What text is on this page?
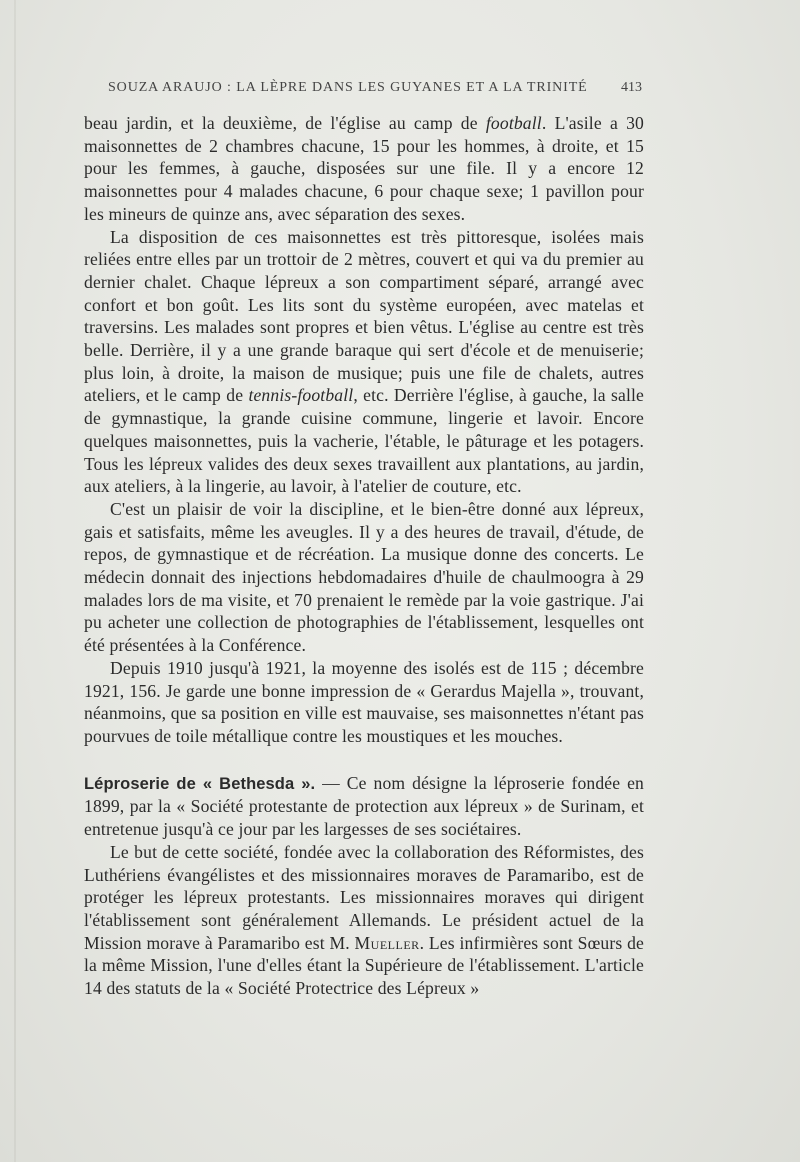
SOUZA ARAUJO : LA LÈPRE DANS LES GUYANES ET A LA TRINITÉ 413

beau jardin, et la deuxième, de l'église au camp de football. L'asile a 30 maisonnettes de 2 chambres chacune, 15 pour les hommes, à droite, et 15 pour les femmes, à gauche, disposées sur une file. Il y a encore 12 maisonnettes pour 4 malades chacune, 6 pour chaque sexe; 1 pavillon pour les mineurs de quinze ans, avec séparation des sexes.

La disposition de ces maisonnettes est très pittoresque, isolées mais reliées entre elles par un trottoir de 2 mètres, couvert et qui va du premier au dernier chalet. Chaque lépreux a son compartiment séparé, arrangé avec confort et bon goût. Les lits sont du système européen, avec matelas et traversins. Les malades sont propres et bien vêtus. L'église au centre est très belle. Derrière, il y a une grande baraque qui sert d'école et de menuiserie; plus loin, à droite, la maison de musique; puis une file de chalets, autres ateliers, et le camp de tennis-football, etc. Derrière l'église, à gauche, la salle de gymnastique, la grande cuisine commune, lingerie et lavoir. Encore quelques maisonnettes, puis la vacherie, l'étable, le pâturage et les potagers. Tous les lépreux valides des deux sexes travaillent aux plantations, au jardin, aux ateliers, à la lingerie, au lavoir, à l'atelier de couture, etc.

C'est un plaisir de voir la discipline, et le bien-être donné aux lépreux, gais et satisfaits, même les aveugles. Il y a des heures de travail, d'étude, de repos, de gymnastique et de récréation. La musique donne des concerts. Le médecin donnait des injections hebdomadaires d'huile de chaulmoogra à 29 malades lors de ma visite, et 70 prenaient le remède par la voie gastrique. J'ai pu acheter une collection de photographies de l'établissement, lesquelles ont été présentées à la Conférence.

Depuis 1910 jusqu'à 1921, la moyenne des isolés est de 115 ; décembre 1921, 156. Je garde une bonne impression de « Gerardus Majella », trouvant, néanmoins, que sa position en ville est mauvaise, ses maisonnettes n'étant pas pourvues de toile métallique contre les moustiques et les mouches.

Léproserie de « Bethesda ». — Ce nom désigne la léproserie fondée en 1899, par la « Société protestante de protection aux lépreux » de Surinam, et entretenue jusqu'à ce jour par les largesses de ses sociétaires.

Le but de cette société, fondée avec la collaboration des Réformistes, des Luthériens évangélistes et des missionnaires moraves de Paramaribo, est de protéger les lépreux protestants. Les missionnaires moraves qui dirigent l'établissement sont généralement Allemands. Le président actuel de la Mission morave à Paramaribo est M. Mueller. Les infirmières sont Sœurs de la même Mission, l'une d'elles étant la Supérieure de l'établissement. L'article 14 des statuts de la « Société Protectrice des Lépreux »
